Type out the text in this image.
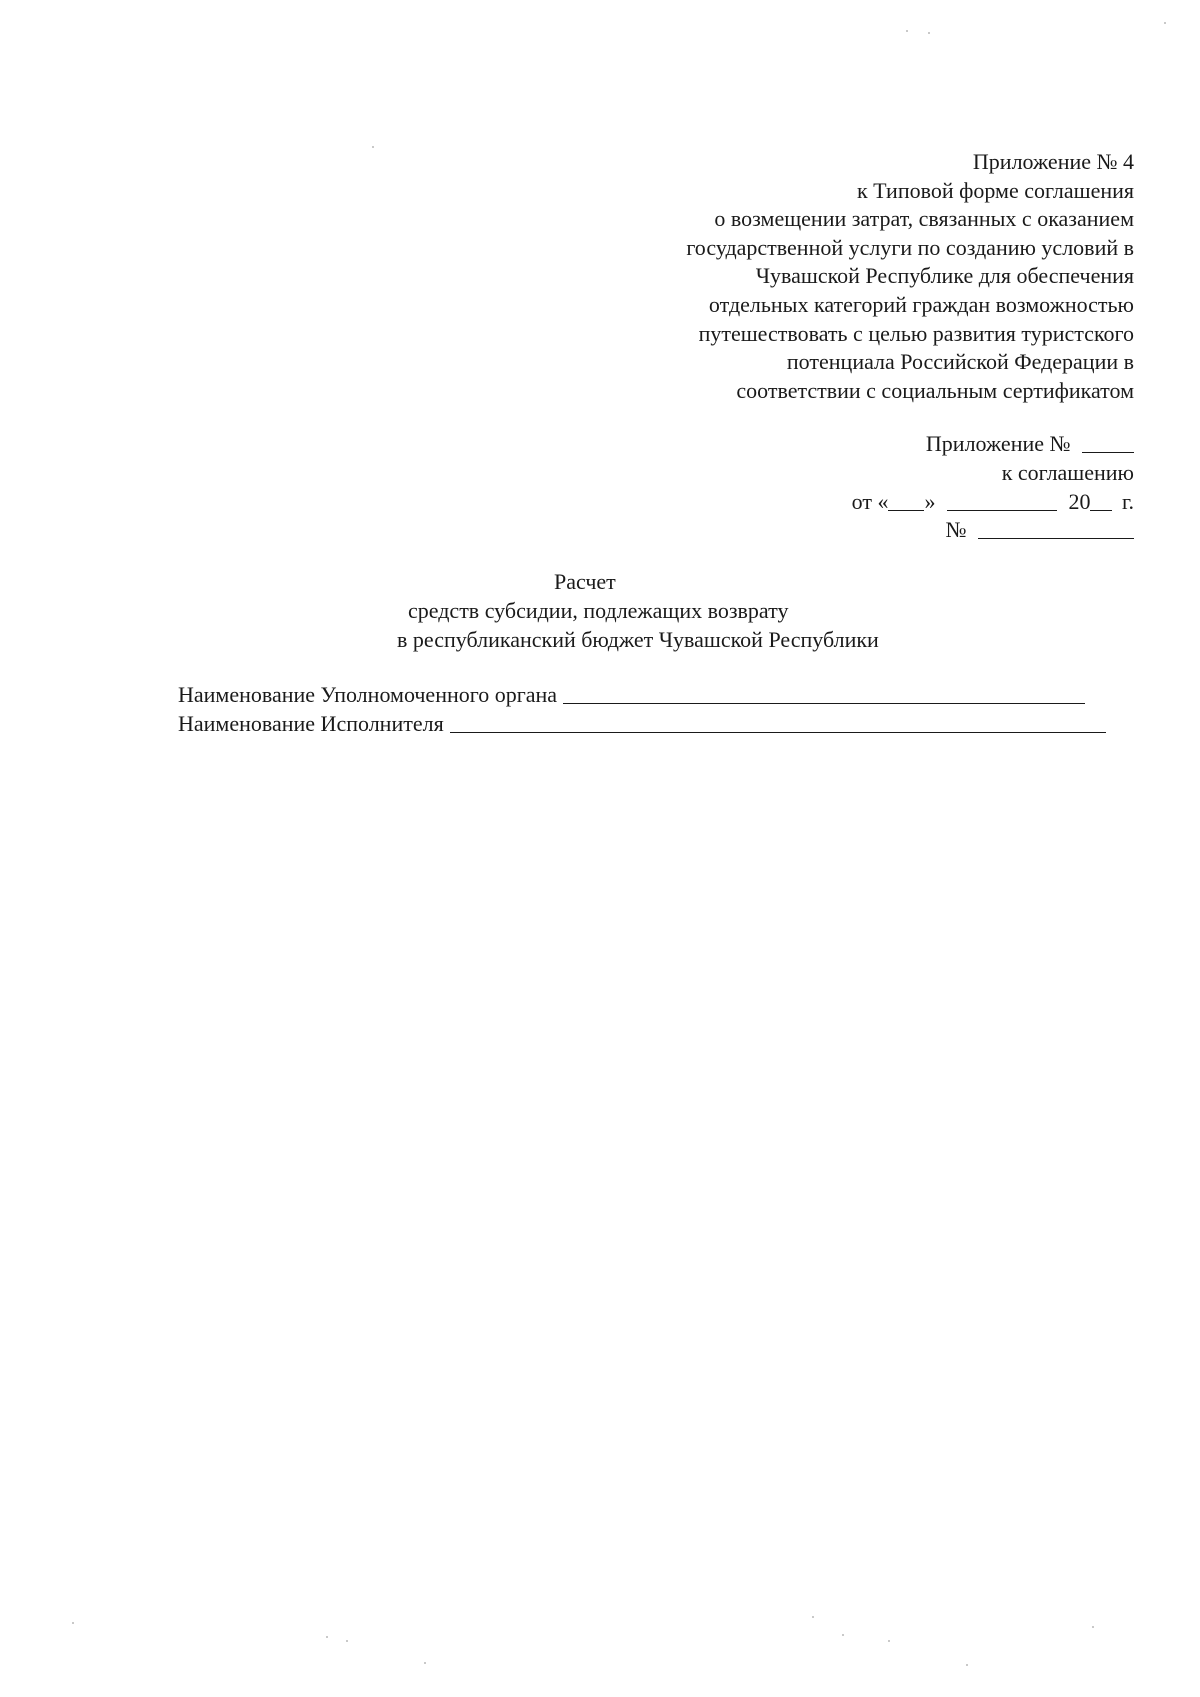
Приложение № 4

к Типовой форме соглашения

о возмещении затрат, связанных с оказанием

государственной услуги по созданию условий в

Чувашской Республике для обеспечения

отдельных категорий граждан возможностью

путешествовать с целью развития туристского

потенциала Российской Федерации в

соответствии с социальным сертификатом

Приложение №

к соглашению

от « »	20 г.

№

Расчет

средств субсидии, подлежащих возврату

в республиканский бюджет Чувашской Республики

Наименование Уполномоченного органа
Наименование Исполнителя
